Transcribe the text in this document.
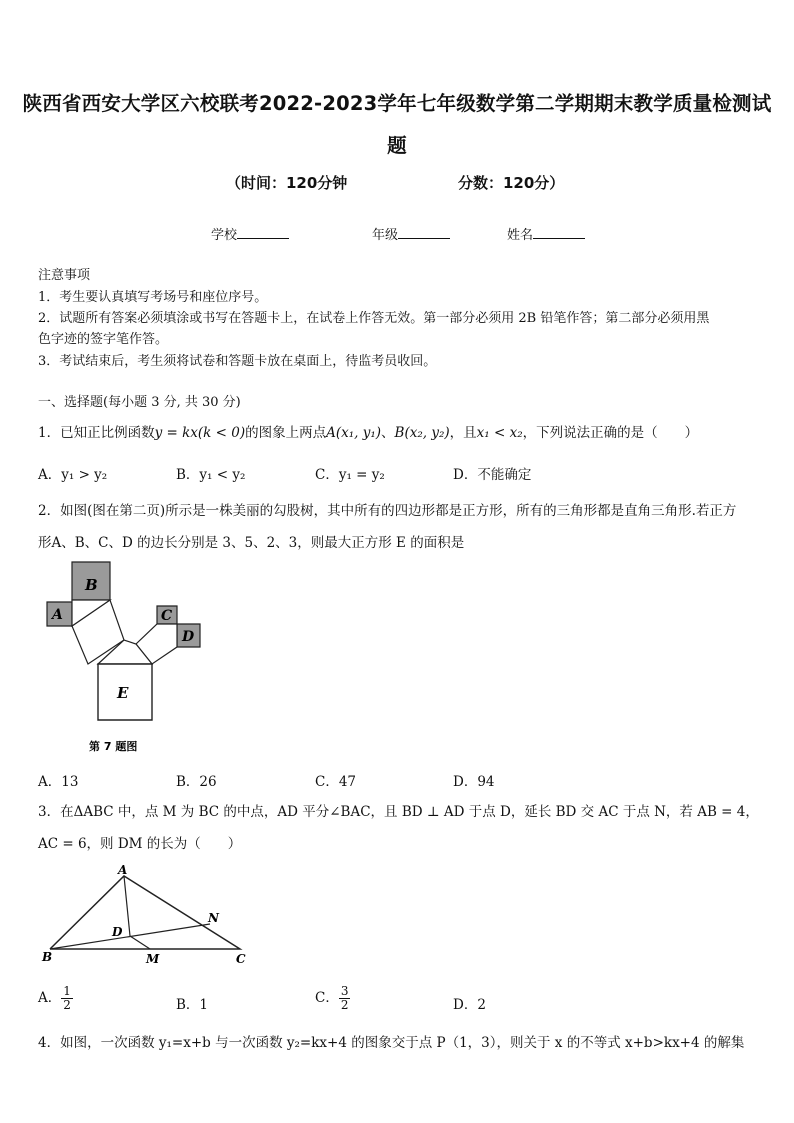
陕西省西安大学区六校联考2022-2023学年七年级数学第二学期期末教学质量检测试
题
（时间：120分钟	分数：120分）
学校	年级	姓名
注意事项
1．考生要认真填写考场号和座位序号。
2．试题所有答案必须填涂或书写在答题卡上，在试卷上作答无效。第一部分必须用 2B 铅笔作答；第二部分必须用黑
色字迹的签字笔作答。
3．考试结束后，考生须将试卷和答题卡放在桌面上，待监考员收回。
一、选择题(每小题 3 分, 共 30 分)
1．已知正比例函数y = kx(k < 0)的图象上两点A(x₁, y₁)、B(x₂, y₂)，且x₁ < x₂，下列说法正确的是（　　）
A．y₁ > y₂	B．y₁ < y₂	C．y₁ = y₂	D．不能确定
2．如图(图在第二页)所示是一株美丽的勾股树，其中所有的四边形都是正方形，所有的三角形都是直角三角形.若正方
形A、B、C、D 的边长分别是 3、5、2、3，则最大正方形 E 的面积是
B
A	C
D
E
第 7 题图
A．13	B．26	C．47	D．94
3．在ΔABC 中，点 M 为 BC 的中点，AD 平分∠BAC，且 BD ⊥ AD 于点 D，延长 BD 交 AC 于点 N，若 AB = 4，
AC = 6，则 DM 的长为（　　）
A
D
N
B	M	C
A． $\frac{1}{2}$	B．1	C． $\frac{3}{2}$	D．2
4．如图，一次函数 y₁=x+b 与一次函数 y₂=kx+4 的图象交于点 P（1，3），则关于 x 的不等式 x+b>kx+4 的解集
